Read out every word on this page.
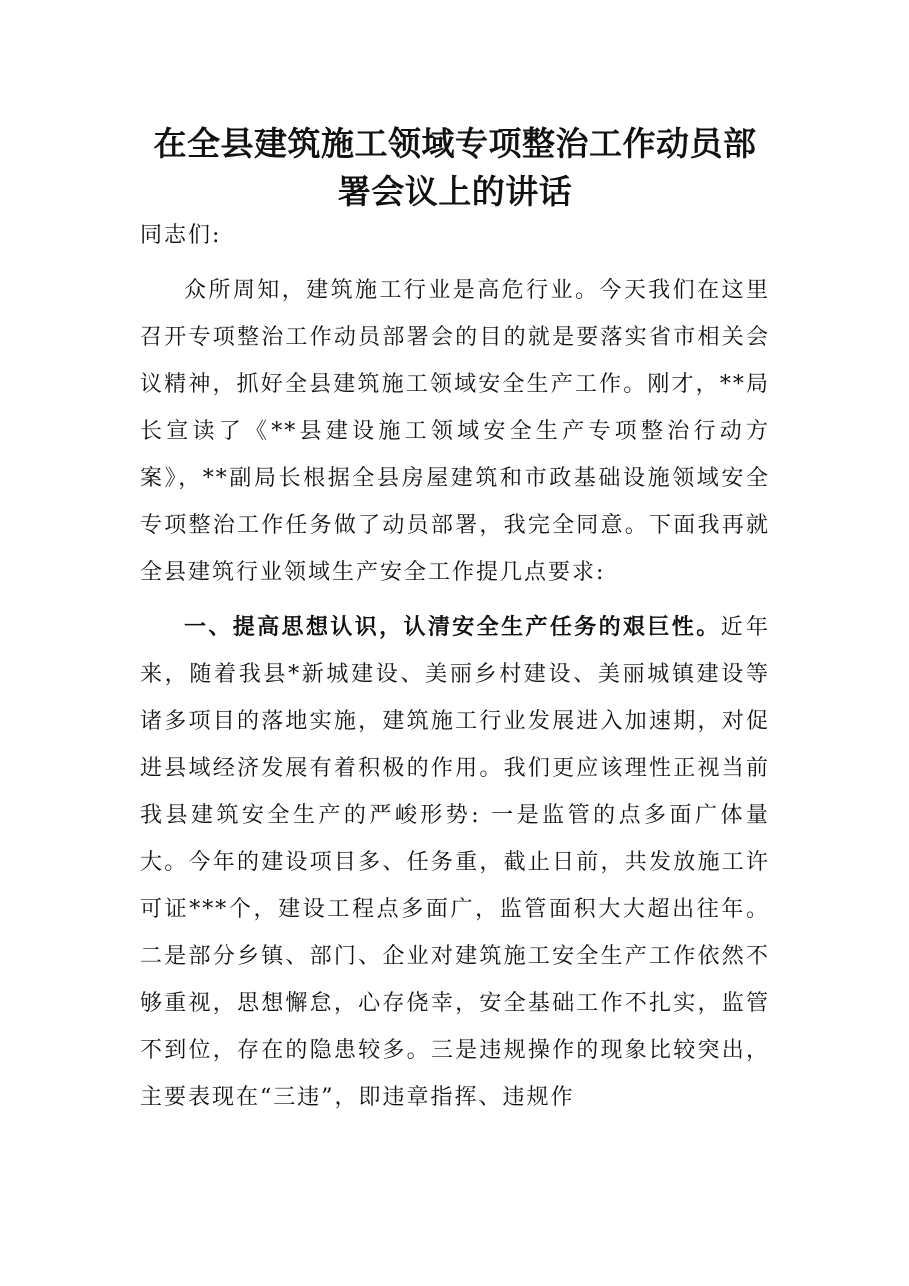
在全县建筑施工领域专项整治工作动员部署会议上的讲话

同志们:

众所周知，建筑施工行业是高危行业。今天我们在这里召开专项整治工作动员部署会的目的就是要落实省市相关会议精神，抓好全县建筑施工领域安全生产工作。刚才，**局长宣读了《**县建设施工领域安全生产专项整治行动方案》，**副局长根据全县房屋建筑和市政基础设施领域安全专项整治工作任务做了动员部署，我完全同意。下面我再就全县建筑行业领域生产安全工作提几点要求:

一、提高思想认识，认清安全生产任务的艰巨性。近年来，随着我县*新城建设、美丽乡村建设、美丽城镇建设等诸多项目的落地实施，建筑施工行业发展进入加速期，对促进县域经济发展有着积极的作用。我们更应该理性正视当前我县建筑安全生产的严峻形势: 一是监管的点多面广体量大。今年的建设项目多、任务重，截止日前，共发放施工许可证***个，建设工程点多面广，监管面积大大超出往年。二是部分乡镇、部门、企业对建筑施工安全生产工作依然不够重视，思想懈怠，心存侥幸，安全基础工作不扎实，监管不到位，存在的隐患较多。三是违规操作的现象比较突出，主要表现在“三违”，即违章指挥、违规作
